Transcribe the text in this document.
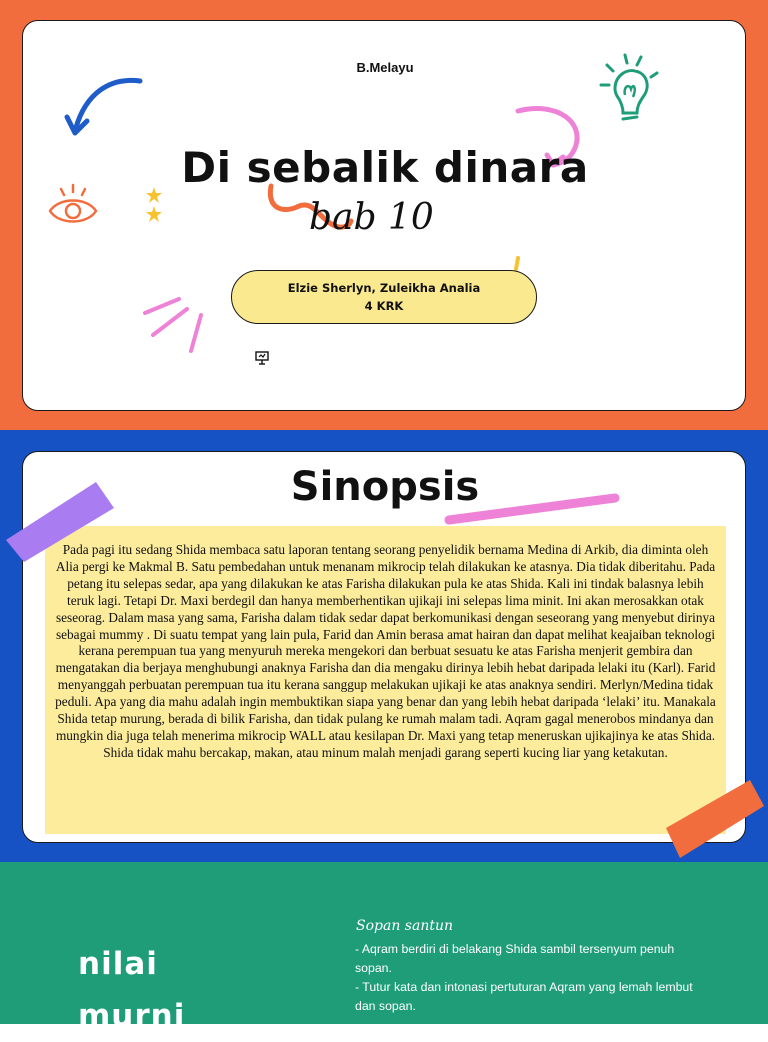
B.Melayu
Di sebalik dinara
bab 10
Elzie Sherlyn, Zuleikha Analia
4 KRK
Sinopsis

Pada pagi itu sedang Shida membaca satu laporan tentang seorang penyelidik bernama Medina di Arkib, dia diminta oleh Alia pergi ke Makmal B. Satu pembedahan untuk menanam mikrocip telah dilakukan ke atasnya. Dia tidak diberitahu. Pada petang itu selepas sedar, apa yang dilakukan ke atas Farisha dilakukan pula ke atas Shida. Kali ini tindak balasnya lebih teruk lagi. Tetapi Dr. Maxi berdegil dan hanya memberhentikan ujikaji ini selepas lima minit. Ini akan merosakkan otak seseorag. Dalam masa yang sama, Farisha dalam tidak sedar dapat berkomunikasi dengan seseorang yang menyebut dirinya sebagai mummy . Di suatu tempat yang lain pula, Farid dan Amin berasa amat hairan dan dapat melihat keajaiban teknologi kerana perempuan tua yang menyuruh mereka mengekori dan berbuat sesuatu ke atas Farisha menjerit gembira dan mengatakan dia berjaya menghubungi anaknya Farisha dan dia mengaku dirinya lebih hebat daripada lelaki itu (Karl). Farid menyanggah perbuatan perempuan tua itu kerana sanggup melakukan ujikaji ke atas anaknya sendiri. Merlyn/Medina tidak peduli. Apa yang dia mahu adalah ingin membuktikan siapa yang benar dan yang lebih hebat daripada ‘lelaki’ itu. Manakala Shida tetap murung, berada di bilik Farisha, dan tidak pulang ke rumah malam tadi. Aqram gagal menerobos mindanya dan mungkin dia juga telah menerima mikrocip WALL atau kesilapan Dr. Maxi yang tetap meneruskan ujikajinya ke atas Shida. Shida tidak mahu bercakap, makan, atau minum malah menjadi garang seperti kucing liar yang ketakutan.

nilai
murni
Sopan santun
- Aqram berdiri di belakang Shida sambil tersenyum penuh sopan.
- Tutur kata dan intonasi pertuturan Aqram yang lemah lembut dan sopan.
